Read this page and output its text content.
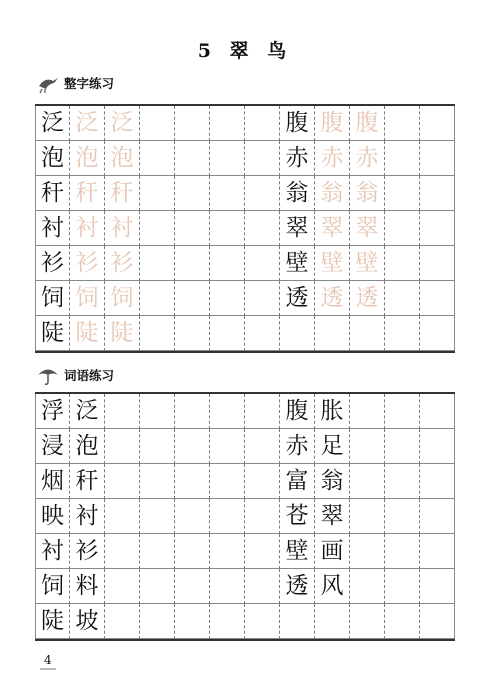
5 翠 鸟
整字练习
泛 泛 泛	腹 腹 腹
泡 泡 泡	赤 赤 赤
秆 秆 秆	翁 翁 翁
衬 衬 衬	翠 翠 翠
衫 衫 衫	壁 壁 壁
饲 饲 饲	透 透 透
陡 陡 陡
词语练习
浮 泛	腹 胀
浸 泡	赤 足
烟 秆	富 翁
映 衬	苍 翠
衬 衫	壁 画
饲 料	透 风
陡 坡
4
